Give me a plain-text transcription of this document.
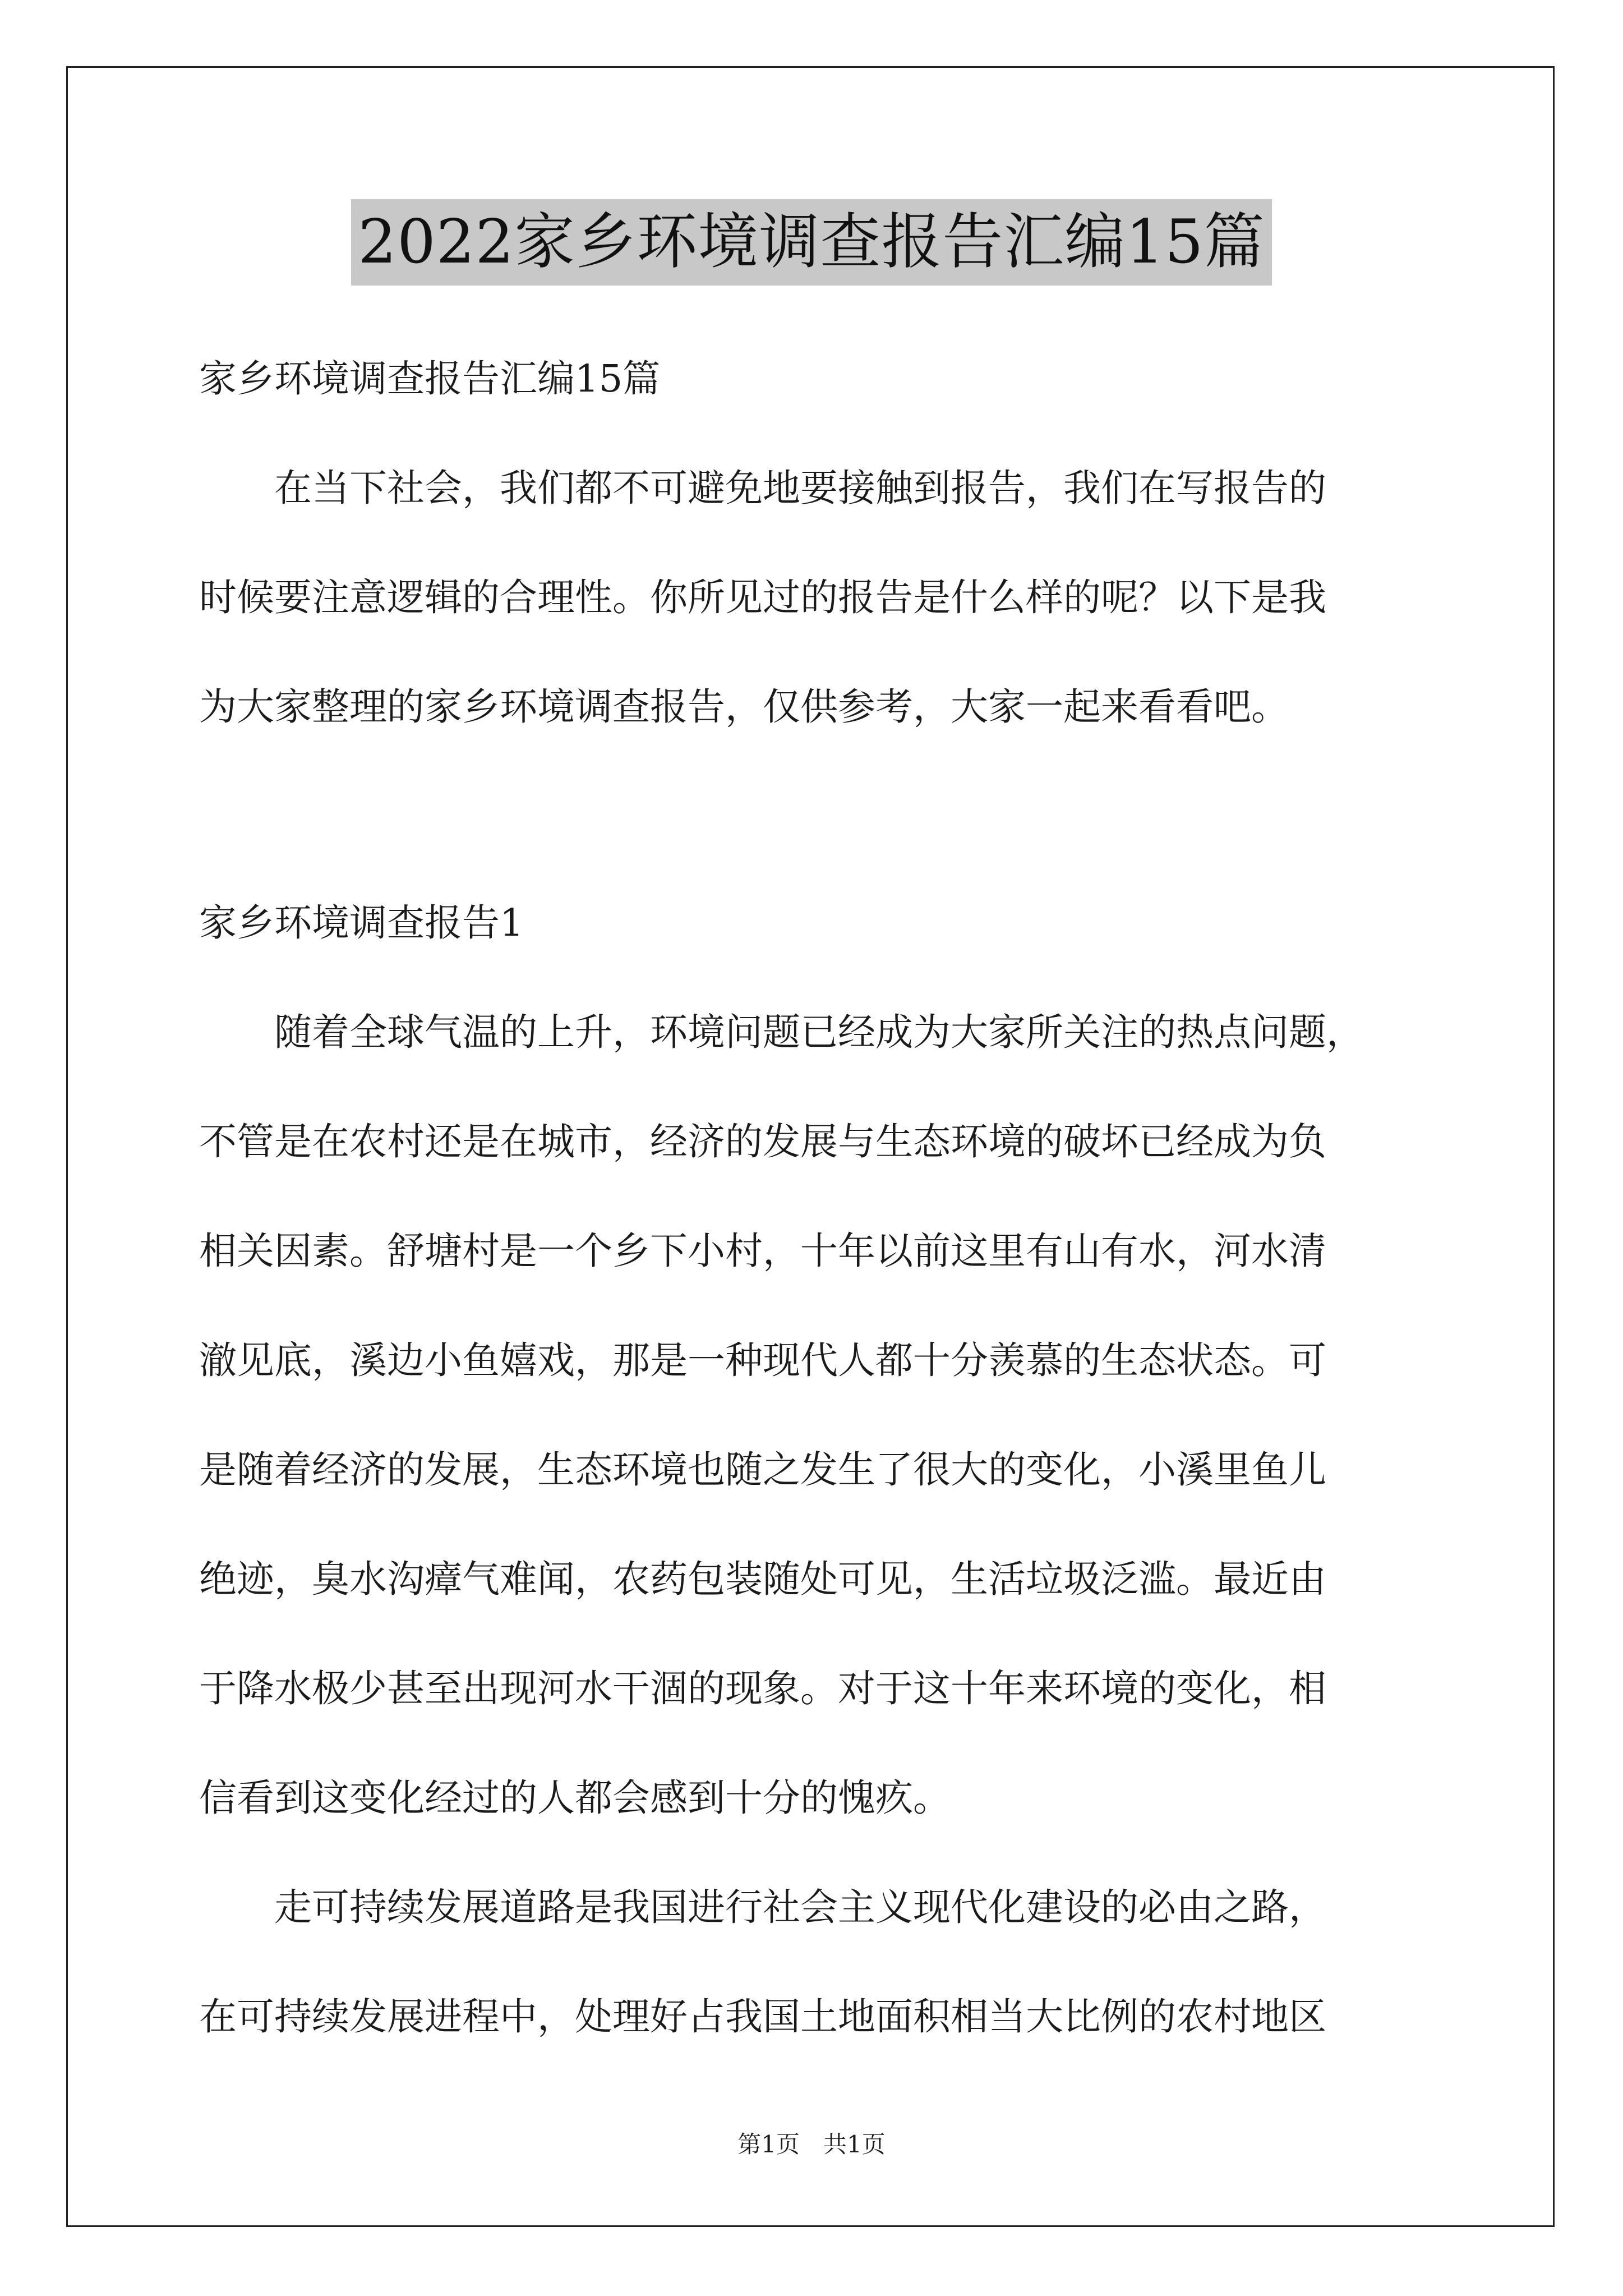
2022家乡环境调查报告汇编15篇
家乡环境调查报告汇编15篇
在当下社会，我们都不可避免地要接触到报告，我们在写报告的
时候要注意逻辑的合理性。你所见过的报告是什么样的呢？以下是我
为大家整理的家乡环境调查报告，仅供参考，大家一起来看看吧。
家乡环境调查报告1
随着全球气温的上升，环境问题已经成为大家所关注的热点问题，
不管是在农村还是在城市，经济的发展与生态环境的破坏已经成为负
相关因素。舒塘村是一个乡下小村，十年以前这里有山有水，河水清
澈见底，溪边小鱼嬉戏，那是一种现代人都十分羡慕的生态状态。可
是随着经济的发展，生态环境也随之发生了很大的变化，小溪里鱼儿
绝迹，臭水沟瘴气难闻，农药包装随处可见，生活垃圾泛滥。最近由
于降水极少甚至出现河水干涸的现象。对于这十年来环境的变化，相
信看到这变化经过的人都会感到十分的愧疚。
走可持续发展道路是我国进行社会主义现代化建设的必由之路，
在可持续发展进程中，处理好占我国土地面积相当大比例的农村地区
第1页　共1页
